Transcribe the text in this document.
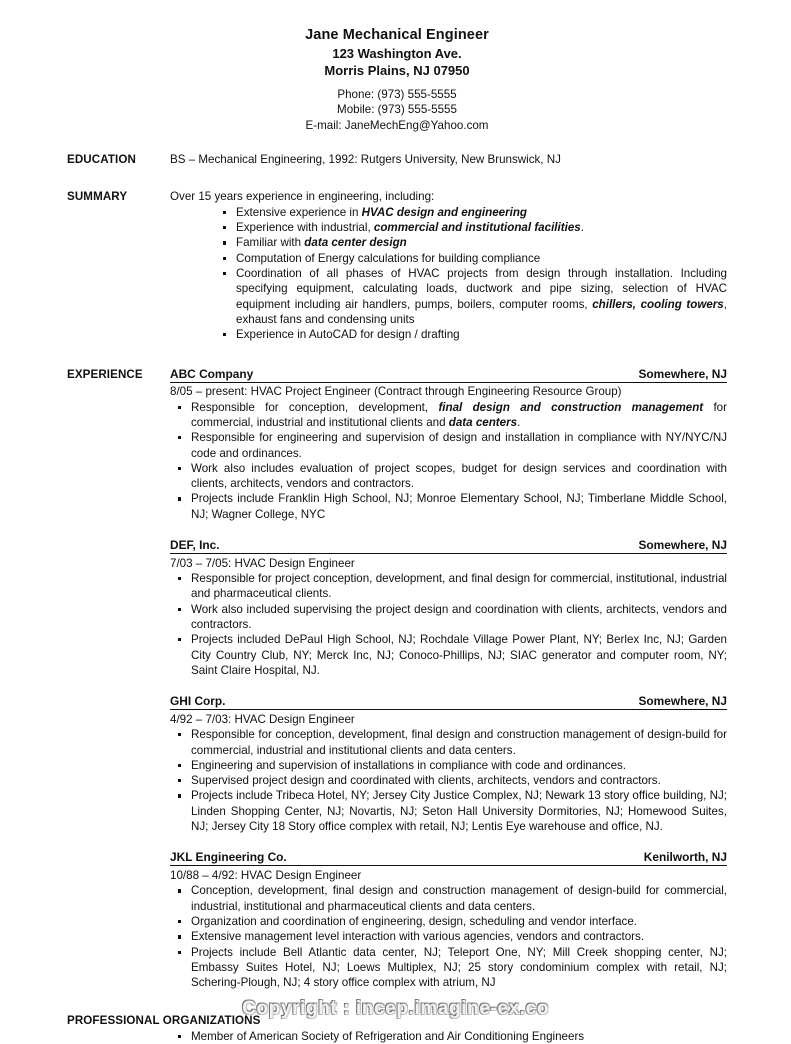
Jane Mechanical Engineer
123 Washington Ave.
Morris Plains, NJ 07950
Phone: (973) 555-5555
Mobile: (973) 555-5555
E-mail: JaneMechEng@Yahoo.com
EDUCATION	BS – Mechanical Engineering, 1992: Rutgers University, New Brunswick, NJ
SUMMARY	Over 15 years experience in engineering, including:
Extensive experience in HVAC design and engineering
Experience with industrial, commercial and institutional facilities.
Familiar with data center design
Computation of Energy calculations for building compliance
Coordination of all phases of HVAC projects from design through installation. Including specifying equipment, calculating loads, ductwork and pipe sizing, selection of HVAC equipment including air handlers, pumps, boilers, computer rooms, chillers, cooling towers, exhaust fans and condensing units
Experience in AutoCAD for design / drafting
EXPERIENCE	ABC Company	Somewhere, NJ
8/05 – present: HVAC Project Engineer (Contract through Engineering Resource Group)
Responsible for conception, development, final design and construction management for commercial, industrial and institutional clients and data centers.
Responsible for engineering and supervision of design and installation in compliance with NY/NYC/NJ code and ordinances.
Work also includes evaluation of project scopes, budget for design services and coordination with clients, architects, vendors and contractors.
Projects include Franklin High School, NJ; Monroe Elementary School, NJ; Timberlane Middle School, NJ; Wagner College, NYC
DEF, Inc.	Somewhere, NJ
7/03 – 7/05: HVAC Design Engineer
Responsible for project conception, development, and final design for commercial, institutional, industrial and pharmaceutical clients.
Work also included supervising the project design and coordination with clients, architects, vendors and contractors.
Projects included DePaul High School, NJ; Rochdale Village Power Plant, NY; Berlex Inc, NJ; Garden City Country Club, NY; Merck Inc, NJ; Conoco-Phillips, NJ; SIAC generator and computer room, NY; Saint Claire Hospital, NJ.
GHI Corp.	Somewhere, NJ
4/92 – 7/03: HVAC Design Engineer
Responsible for conception, development, final design and construction management of design-build for commercial, industrial and institutional clients and data centers.
Engineering and supervision of installations in compliance with code and ordinances.
Supervised project design and coordinated with clients, architects, vendors and contractors.
Projects include Tribeca Hotel, NY; Jersey City Justice Complex, NJ; Newark 13 story office building, NJ; Linden Shopping Center, NJ; Novartis, NJ; Seton Hall University Dormitories, NJ; Homewood Suites, NJ; Jersey City 18 Story office complex with retail, NJ; Lentis Eye warehouse and office, NJ.
JKL Engineering Co.	Kenilworth, NJ
10/88 – 4/92: HVAC Design Engineer
Conception, development, final design and construction management of design-build for commercial, industrial, institutional and pharmaceutical clients and data centers.
Organization and coordination of engineering, design, scheduling and vendor interface.
Extensive management level interaction with various agencies, vendors and contractors.
Projects include Bell Atlantic data center, NJ; Teleport One, NY; Mill Creek shopping center, NJ; Embassy Suites Hotel, NJ; Loews Multiplex, NJ; 25 story condominium complex with retail, NJ; Schering-Plough, NJ; 4 story office complex with atrium, NJ
PROFESSIONAL ORGANIZATIONS
Member of American Society of Refrigeration and Air Conditioning Engineers
Copyright : incep.imagine-ex.co
